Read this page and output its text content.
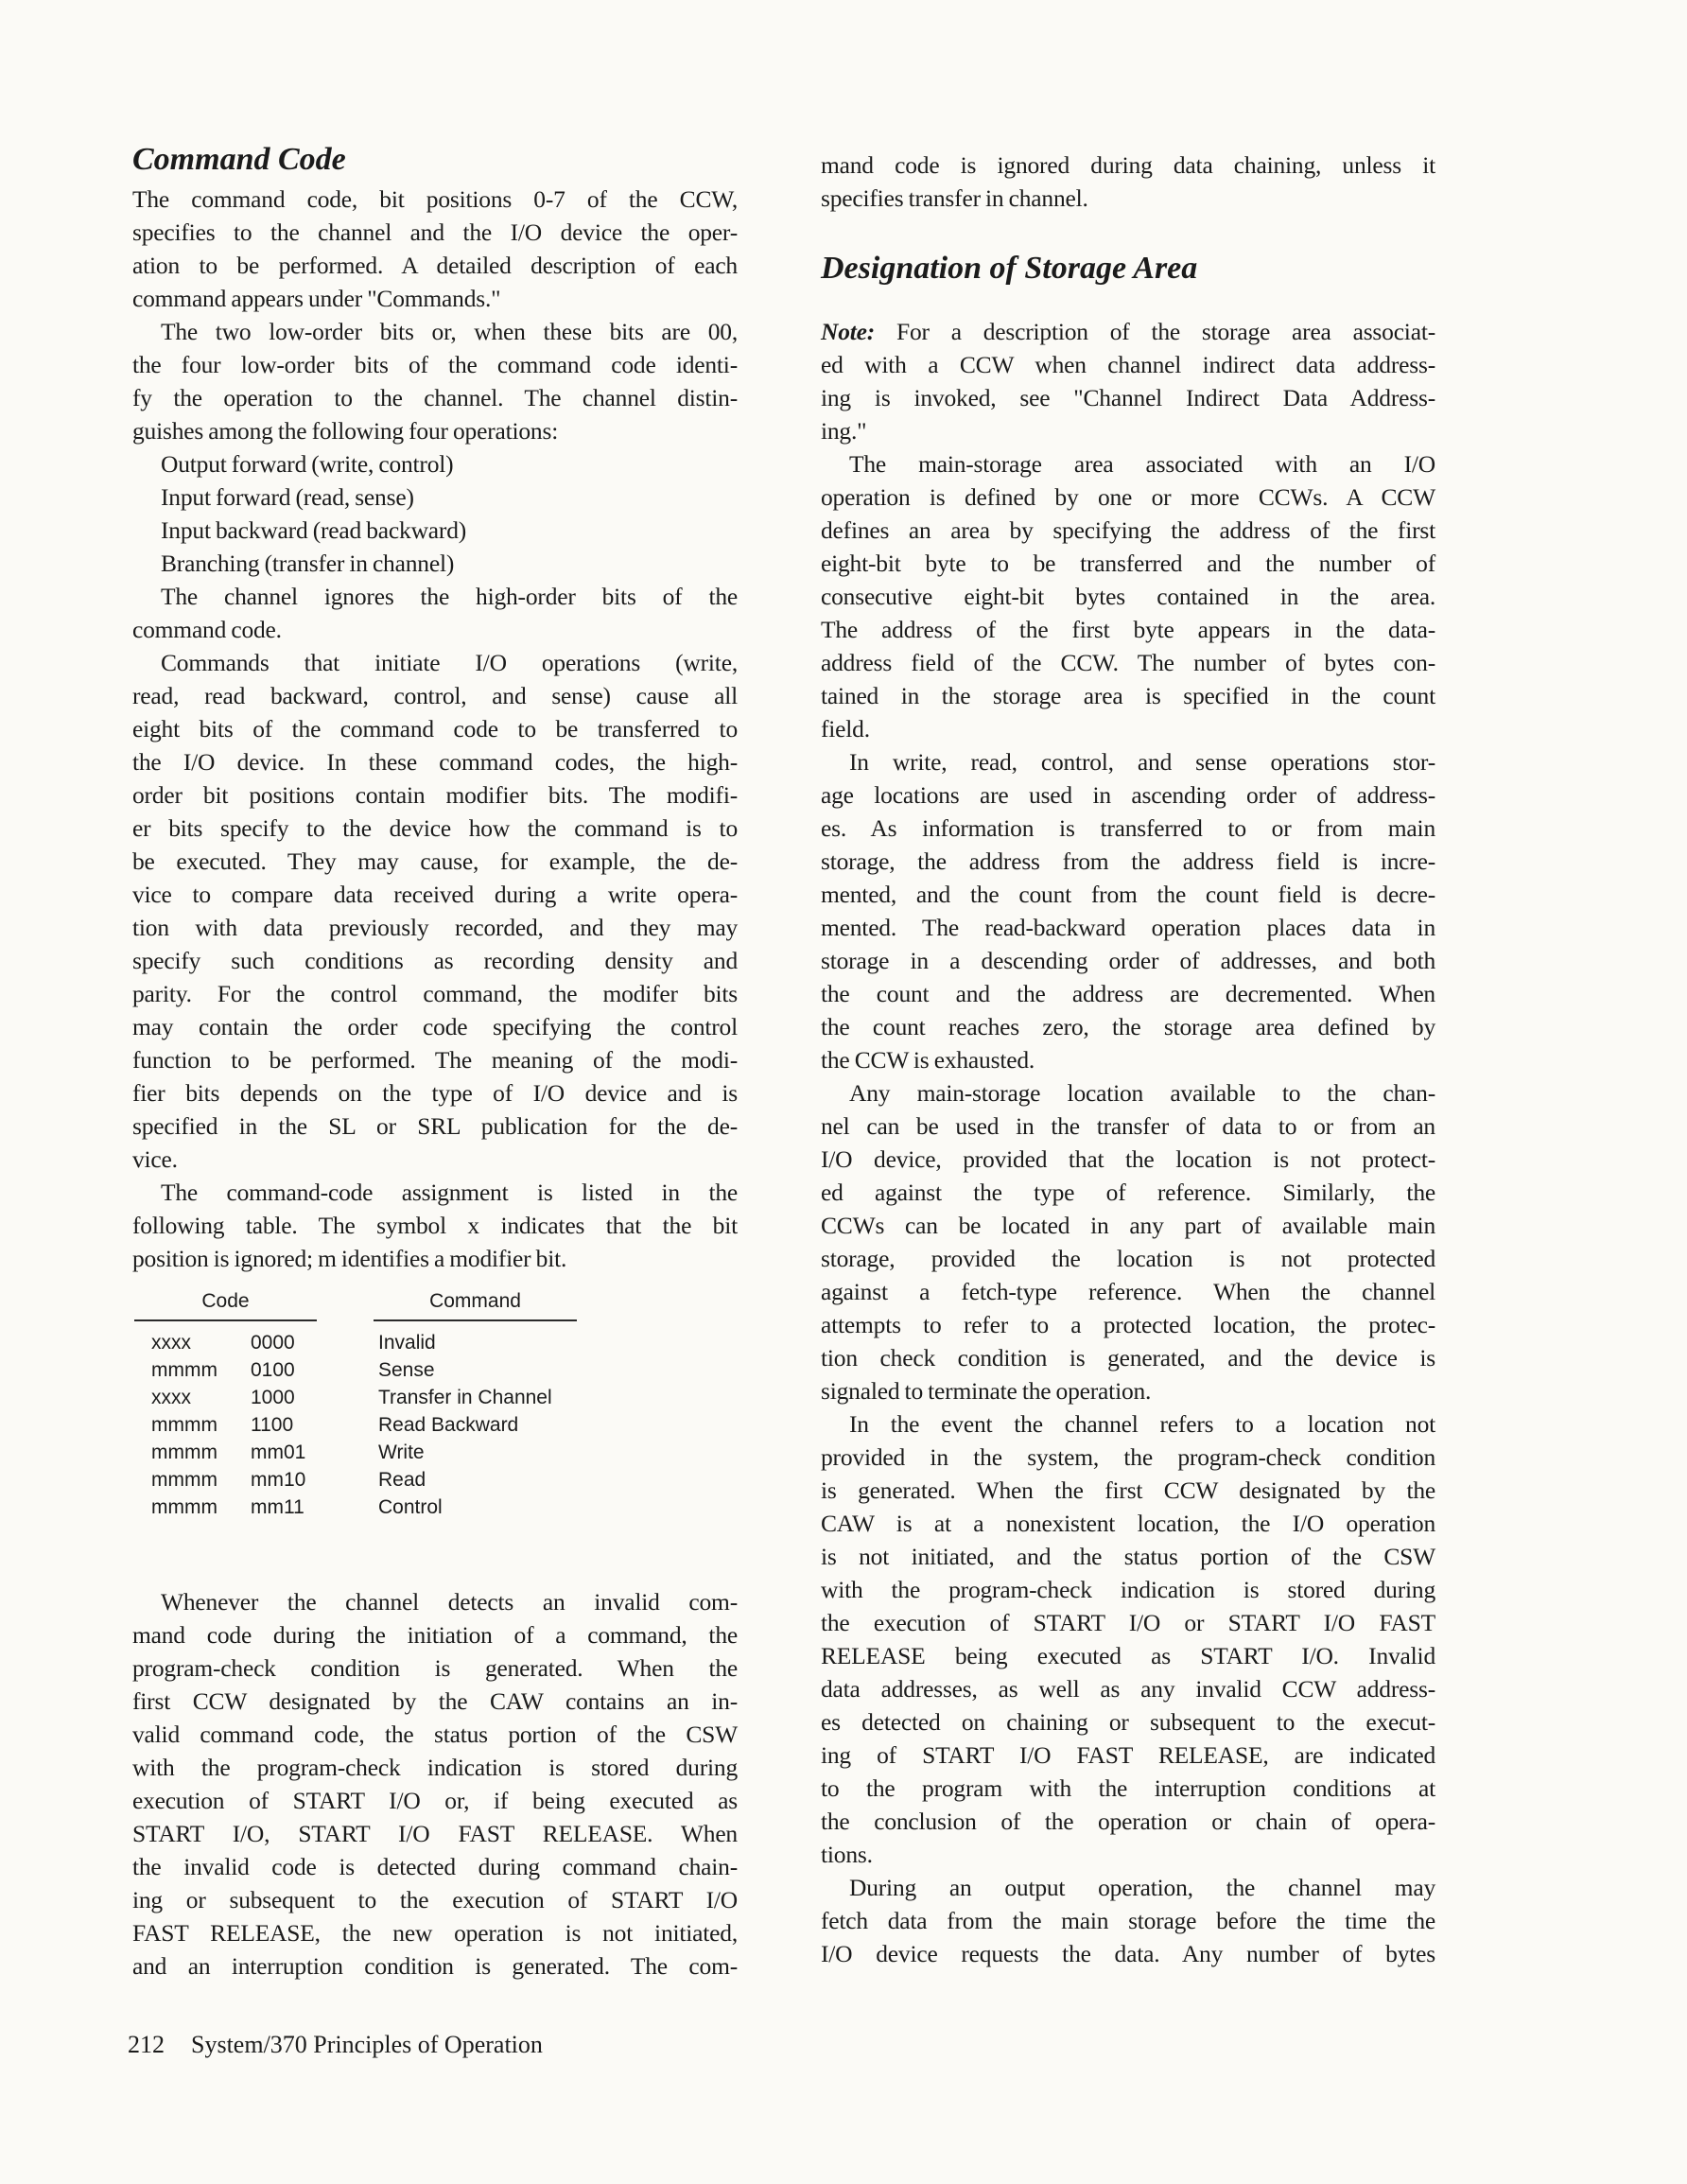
Command Code
The command code, bit positions 0-7 of the CCW,
specifies to the channel and the I/O device the oper-
ation to be performed. A detailed description of each
command appears under "Commands."
The two low-order bits or, when these bits are 00,
the four low-order bits of the command code identi-
fy the operation to the channel. The channel distin-
guishes among the following four operations:
Output forward (write, control)
Input forward (read, sense)
Input backward (read backward)
Branching (transfer in channel)
The channel ignores the high-order bits of the
command code.
Commands that initiate I/O operations (write,
read, read backward, control, and sense) cause all
eight bits of the command code to be transferred to
the I/O device. In these command codes, the high-
order bit positions contain modifier bits. The modifi-
er bits specify to the device how the command is to
be executed. They may cause, for example, the de-
vice to compare data received during a write opera-
tion with data previously recorded, and they may
specify such conditions as recording density and
parity. For the control command, the modifer bits
may contain the order code specifying the control
function to be performed. The meaning of the modi-
fier bits depends on the type of I/O device and is
specified in the SL or SRL publication for the de-
vice.
The command-code assignment is listed in the
following table. The symbol x indicates that the bit
position is ignored; m identifies a modifier bit.
Code	Command
xxxx	0000	Invalid
mmmm 0100	Sense
xxxx	1000	Transfer in Channel
mmmm 1100	Read Backward
mmmm mm01	Write
mmmm mm10	Read
mmmm mm11	Control
Whenever the channel detects an invalid com-
mand code during the initiation of a command, the
program-check condition is generated. When the
first CCW designated by the CAW contains an in-
valid command code, the status portion of the CSW
with the program-check indication is stored during
execution of START I/O or, if being executed as
START I/O, START I/O FAST RELEASE. When
the invalid code is detected during command chain-
ing or subsequent to the execution of START I/O
FAST RELEASE, the new operation is not initiated,
and an interruption condition is generated. The com-
mand code is ignored during data chaining, unless it
specifies transfer in channel.
Designation of Storage Area
Note: For a description of the storage area associat-
ed with a CCW when channel indirect data address-
ing is invoked, see "Channel Indirect Data Address-
ing."
The main-storage area associated with an I/O
operation is defined by one or more CCWs. A CCW
defines an area by specifying the address of the first
eight-bit byte to be transferred and the number of
consecutive eight-bit bytes contained in the area.
The address of the first byte appears in the data-
address field of the CCW. The number of bytes con-
tained in the storage area is specified in the count
field.
In write, read, control, and sense operations stor-
age locations are used in ascending order of address-
es. As information is transferred to or from main
storage, the address from the address field is incre-
mented, and the count from the count field is decre-
mented. The read-backward operation places data in
storage in a descending order of addresses, and both
the count and the address are decremented. When
the count reaches zero, the storage area defined by
the CCW is exhausted.
Any main-storage location available to the chan-
nel can be used in the transfer of data to or from an
I/O device, provided that the location is not protect-
ed against the type of reference. Similarly, the
CCWs can be located in any part of available main
storage, provided the location is not protected
against a fetch-type reference. When the channel
attempts to refer to a protected location, the protec-
tion check condition is generated, and the device is
signaled to terminate the operation.
In the event the channel refers to a location not
provided in the system, the program-check condition
is generated. When the first CCW designated by the
CAW is at a nonexistent location, the I/O operation
is not initiated, and the status portion of the CSW
with the program-check indication is stored during
the execution of START I/O or START I/O FAST
RELEASE being executed as START I/O. Invalid
data addresses, as well as any invalid CCW address-
es detected on chaining or subsequent to the execut-
ing of START I/O FAST RELEASE, are indicated
to the program with the interruption conditions at
the conclusion of the operation or chain of opera-
tions.
During an output operation, the channel may
fetch data from the main storage before the time the
I/O device requests the data. Any number of bytes
212 System/370 Principles of Operation
